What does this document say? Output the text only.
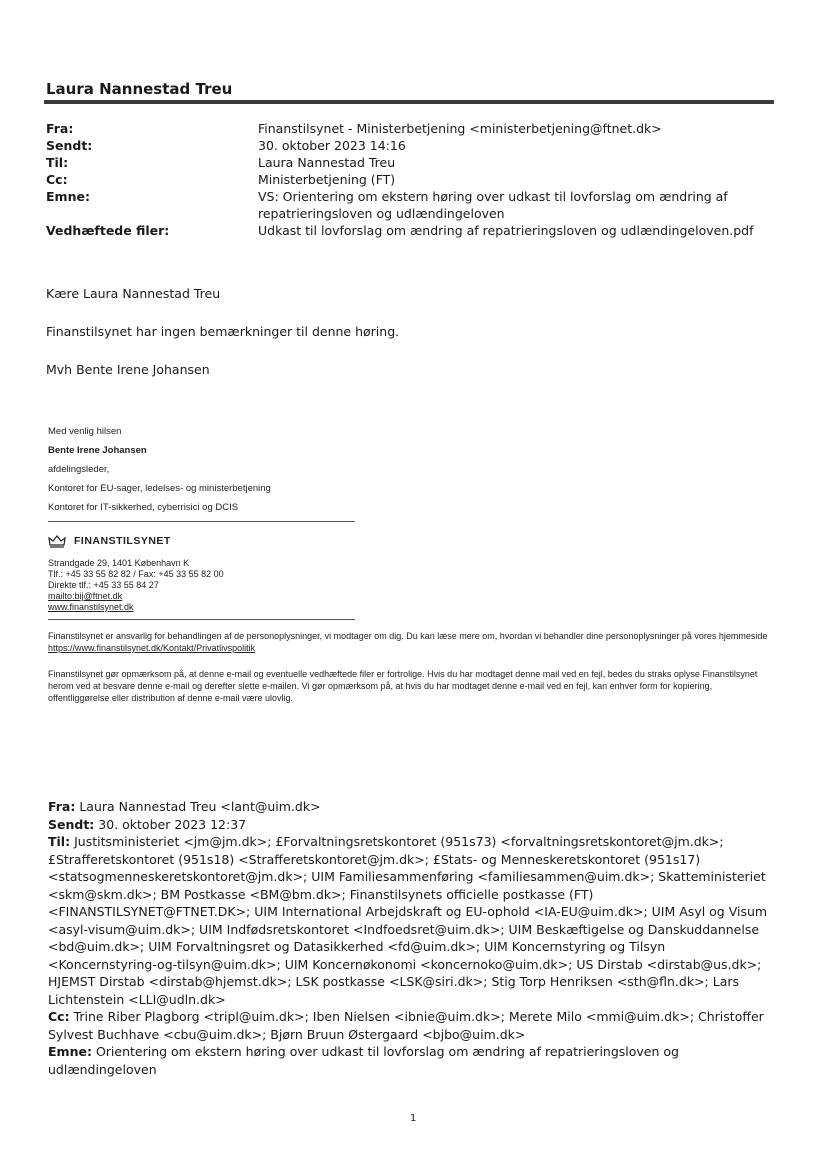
Laura Nannestad Treu
Fra:	Finanstilsynet - Ministerbetjening <ministerbetjening@ftnet.dk>
Sendt:	30. oktober 2023 14:16
Til:	Laura Nannestad Treu
Cc:	Ministerbetjening (FT)
Emne:	VS: Orientering om ekstern høring over udkast til lovforslag om ændring af
repatrieringsloven og udlændingeloven
Vedhæftede filer:	Udkast til lovforslag om ændring af repatrieringsloven og udlændingeloven.pdf
Kære Laura Nannestad Treu
Finanstilsynet har ingen bemærkninger til denne høring.
Mvh Bente Irene Johansen
Med venlig hilsen
Bente Irene Johansen
afdelingsleder,
Kontoret for EU-sager, ledelses- og ministerbetjening
Kontoret for IT-sikkerhed, cyberrisici og DCIS
FINANSTILSYNET
Strandgade 29, 1401 København K
Tlf.: +45 33 55 82 82 / Fax: +45 33 55 82 00
Direkte tlf.: +45 33 55 84 27
mailto:bij@ftnet.dk
www.finanstilsynet.dk
Finanstilsynet er ansvarlig for behandlingen af de personoplysninger, vi modtager om dig. Du kan læse mere om, hvordan vi behandler dine personoplysninger på vores hjemmeside https://www.finanstilsynet.dk/Kontakt/Privatlivspolitik
Finanstilsynet gør opmærksom på, at denne e-mail og eventuelle vedhæftede filer er fortrolige. Hvis du har modtaget denne mail ved en fejl, bedes du straks oplyse Finanstilsynet herom ved at besvare denne e-mail og derefter slette e-mailen. Vi gør opmærksom på, at hvis du har modtaget denne e-mail ved en fejl, kan enhver form for kopiering, offentliggørelse eller distribution af denne e-mail være ulovlig.
Fra: Laura Nannestad Treu <lant@uim.dk>
Sendt: 30. oktober 2023 12:37
Til: Justitsministeriet <jm@jm.dk>; £Forvaltningsretskontoret (951s73) <forvaltningsretskontoret@jm.dk>; £Strafferetskontoret (951s18) <Strafferetskontoret@jm.dk>; £Stats- og Menneskeretskontoret (951s17) <statsogmenneskeretskontoret@jm.dk>; UIM Familiesammenføring <familiesammen@uim.dk>; Skatteministeriet <skm@skm.dk>; BM Postkasse <BM@bm.dk>; Finanstilsynets officielle postkasse (FT) <FINANSTILSYNET@FTNET.DK>; UIM International Arbejdskraft og EU-ophold <IA-EU@uim.dk>; UIM Asyl og Visum <asyl-visum@uim.dk>; UIM Indfødsretskontoret <Indfoedsret@uim.dk>; UIM Beskæftigelse og Danskuddannelse <bd@uim.dk>; UIM Forvaltningsret og Datasikkerhed <fd@uim.dk>; UIM Koncernstyring og Tilsyn <Koncernstyring-og-tilsyn@uim.dk>; UIM Koncernøkonomi <koncernoko@uim.dk>; US Dirstab <dirstab@us.dk>; HJEMST Dirstab <dirstab@hjemst.dk>; LSK postkasse <LSK@siri.dk>; Stig Torp Henriksen <sth@fln.dk>; Lars Lichtenstein <LLI@udln.dk>
Cc: Trine Riber Plagborg <tripl@uim.dk>; Iben Nielsen <ibnie@uim.dk>; Merete Milo <mmi@uim.dk>; Christoffer Sylvest Buchhave <cbu@uim.dk>; Bjørn Bruun Østergaard <bjbo@uim.dk>
Emne: Orientering om ekstern høring over udkast til lovforslag om ændring af repatrieringsloven og udlændingeloven
1
